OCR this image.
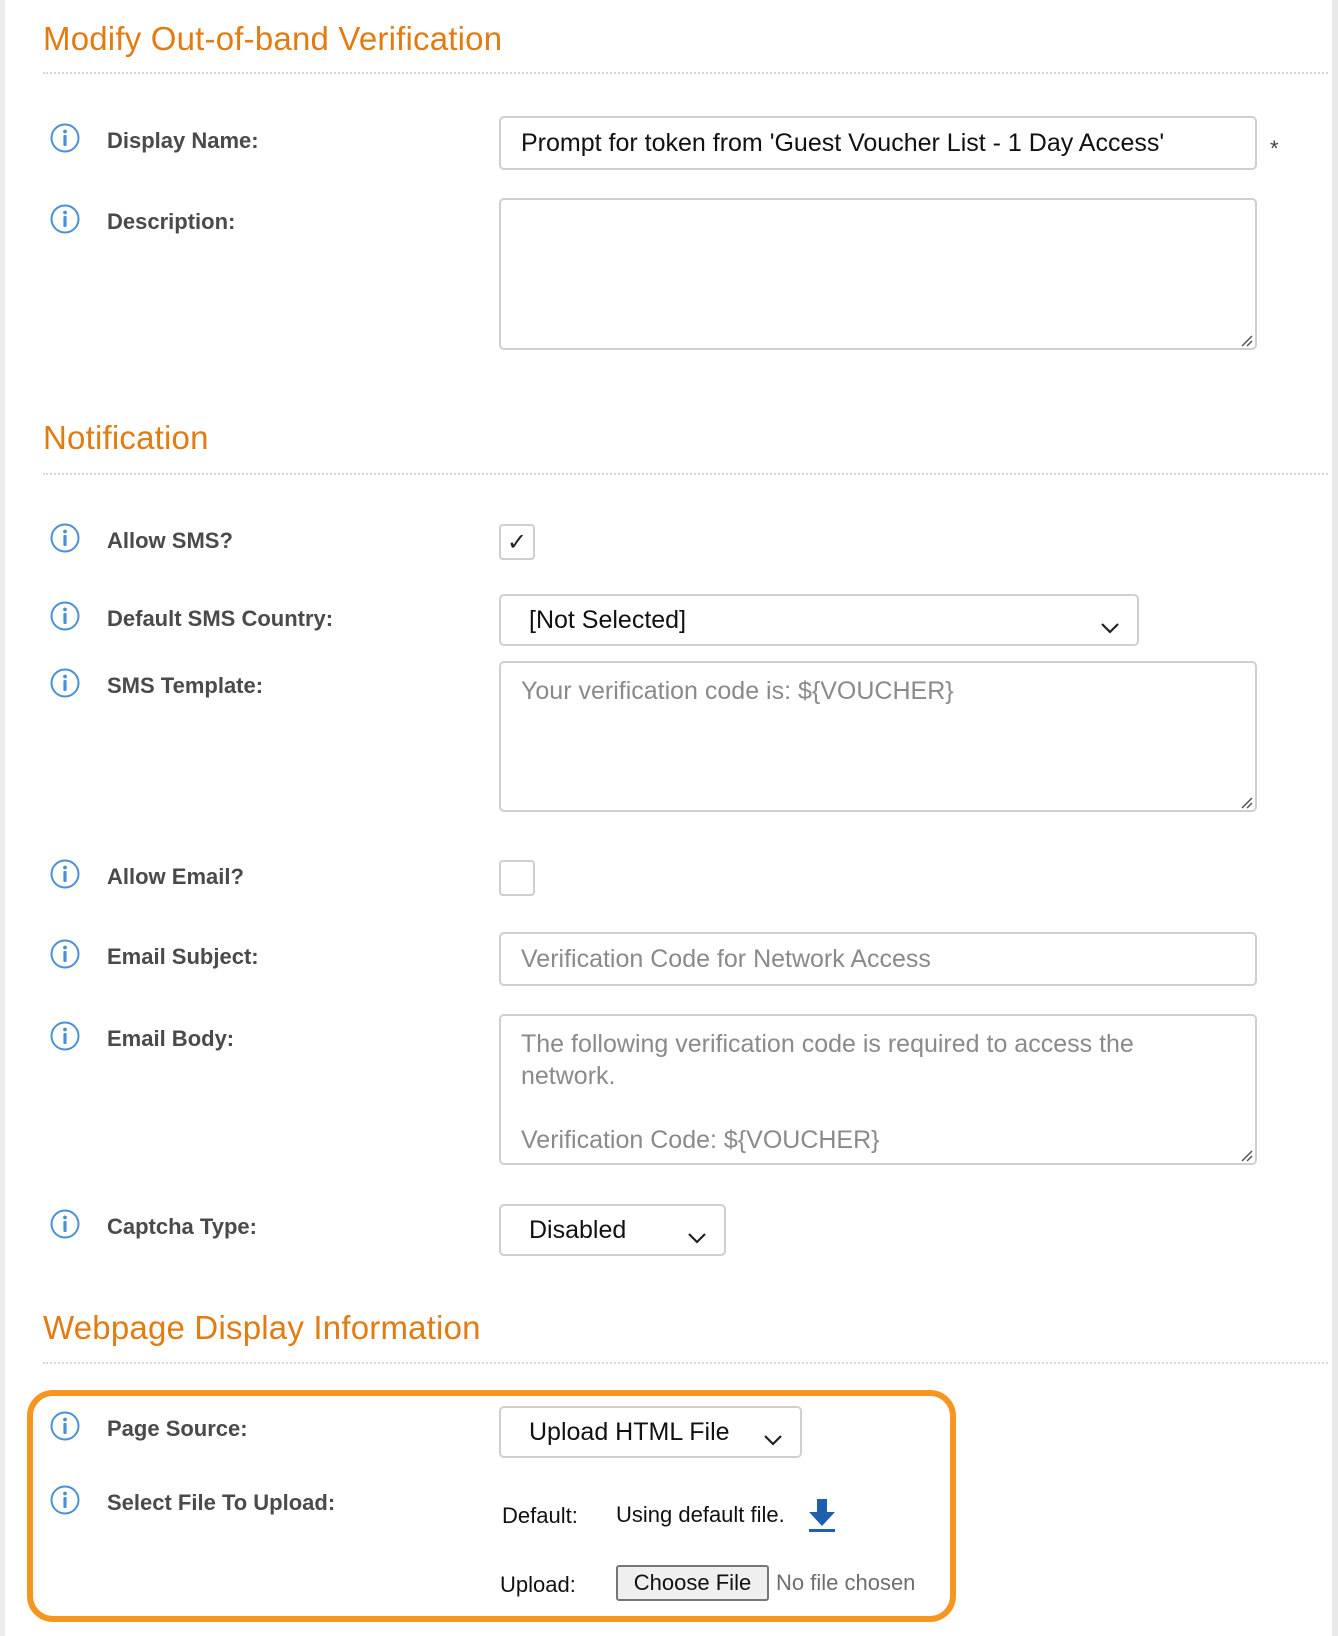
Modify Out-of-band Verification
Display Name:
Prompt for token from 'Guest Voucher List - 1 Day Access'	*
Description:
Notification
Allow SMS?	✓
Default SMS Country:	[Not Selected]
SMS Template:
Your verification code is: ${VOUCHER}
Allow Email?
Email Subject:
Verification Code for Network Access
Email Body:
The following verification code is required to access the network. Verification Code: ${VOUCHER}
Captcha Type:	Disabled
Webpage Display Information
Page Source:	Upload HTML File
Select File To Upload:
Default: Using default file.
Upload:	Choose File	No file chosen
